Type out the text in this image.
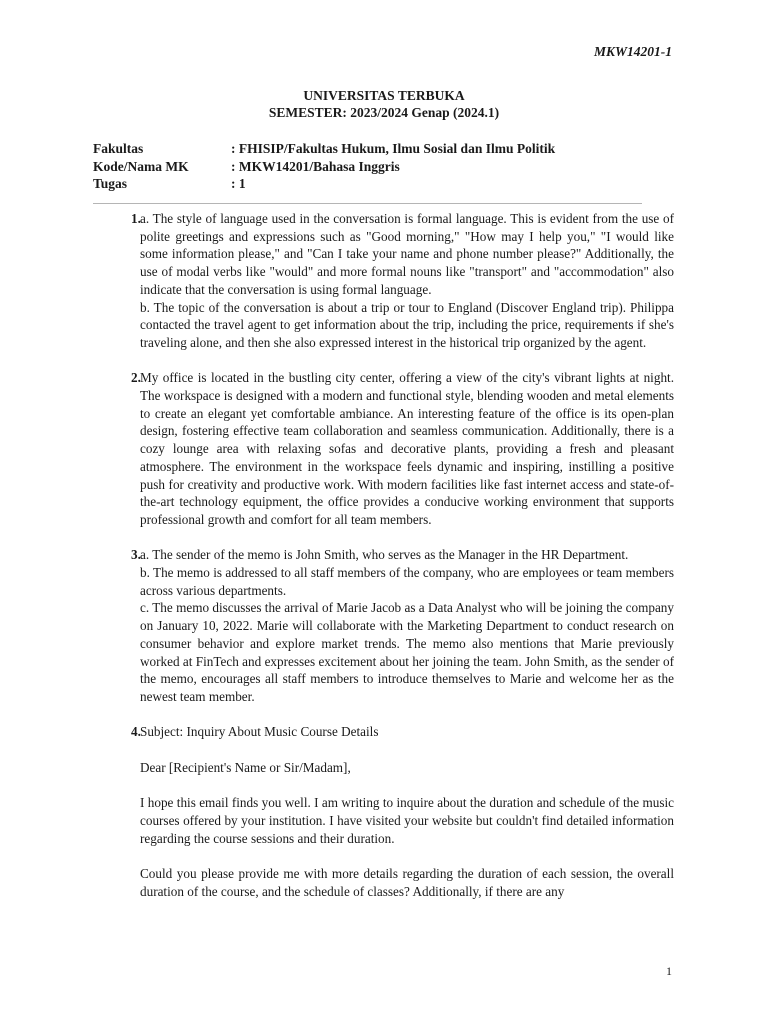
MKW14201-1
UNIVERSITAS TERBUKA
SEMESTER: 2023/2024 Genap (2024.1)
Fakultas	: FHISIP/Fakultas Hukum, Ilmu Sosial dan Ilmu Politik
Kode/Nama MK	: MKW14201/Bahasa Inggris
Tugas	: 1
1. a. The style of language used in the conversation is formal language. This is evident from the use of polite greetings and expressions such as "Good morning," "How may I help you," "I would like some information please," and "Can I take your name and phone number please?" Additionally, the use of modal verbs like "would" and more formal nouns like "transport" and "accommodation" also indicate that the conversation is using formal language.

b. The topic of the conversation is about a trip or tour to England (Discover England trip). Philippa contacted the travel agent to get information about the trip, including the price, requirements if she's traveling alone, and then she also expressed interest in the historical trip organized by the agent.

2. My office is located in the bustling city center, offering a view of the city's vibrant lights at night. The workspace is designed with a modern and functional style, blending wooden and metal elements to create an elegant yet comfortable ambiance. An interesting feature of the office is its open-plan design, fostering effective team collaboration and seamless communication. Additionally, there is a cozy lounge area with relaxing sofas and decorative plants, providing a fresh and pleasant atmosphere. The environment in the workspace feels dynamic and inspiring, instilling a positive push for creativity and productive work. With modern facilities like fast internet access and state-of-the-art technology equipment, the office provides a conducive working environment that supports professional growth and comfort for all team members.

3. a. The sender of the memo is John Smith, who serves as the Manager in the HR Department.

b. The memo is addressed to all staff members of the company, who are employees or team members across various departments.

c. The memo discusses the arrival of Marie Jacob as a Data Analyst who will be joining the company on January 10, 2022. Marie will collaborate with the Marketing Department to conduct research on consumer behavior and explore market trends. The memo also mentions that Marie previously worked at FinTech and expresses excitement about her joining the team. John Smith, as the sender of the memo, encourages all staff members to introduce themselves to Marie and welcome her as the newest team member.

4. Subject: Inquiry About Music Course Details

Dear [Recipient's Name or Sir/Madam],

I hope this email finds you well. I am writing to inquire about the duration and schedule of the music courses offered by your institution. I have visited your website but couldn't find detailed information regarding the course sessions and their duration.

Could you please provide me with more details regarding the duration of each session, the overall duration of the course, and the schedule of classes? Additionally, if there are any

1
